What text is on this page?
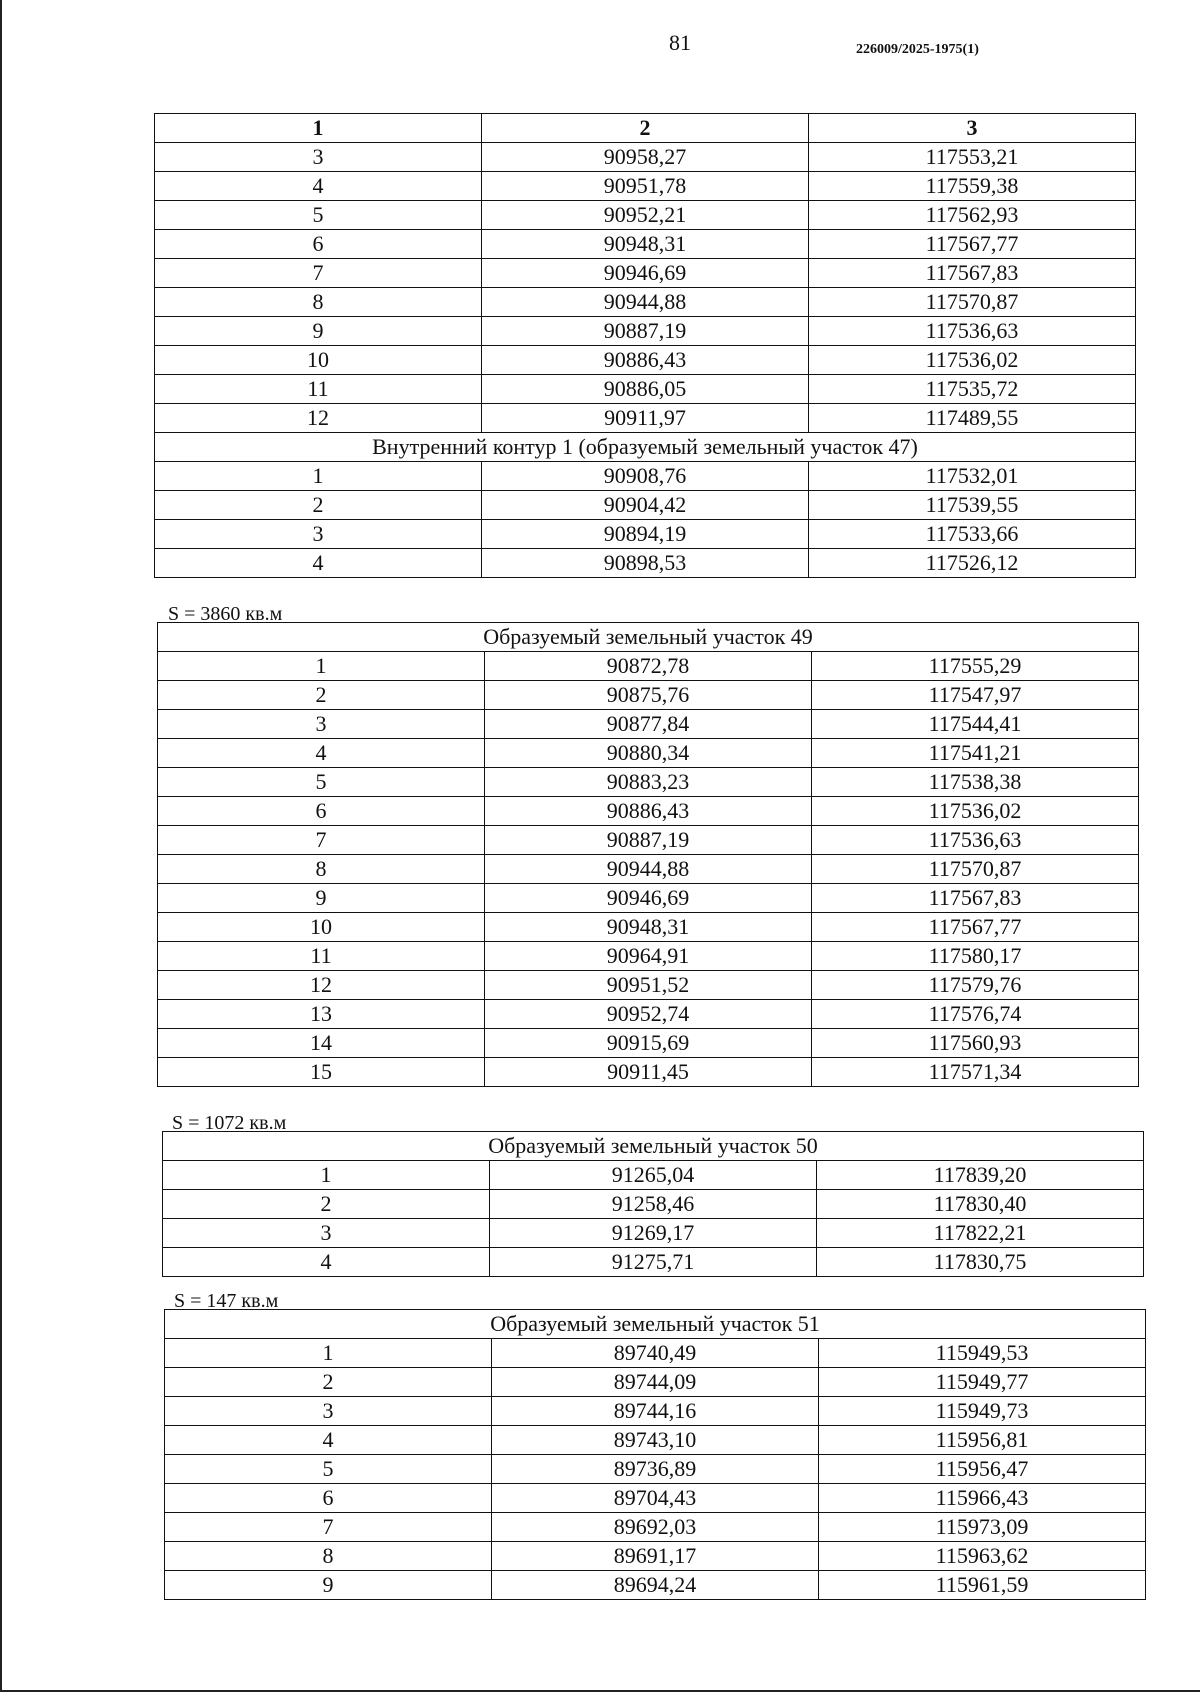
81	226009/2025-1975(1)
1	2	3
3	90958,27	117553,21
4	90951,78	117559,38
5	90952,21	117562,93
6	90948,31	117567,77
7	90946,69	117567,83
8	90944,88	117570,87
9	90887,19	117536,63
10	90886,43	117536,02
11	90886,05	117535,72
12	90911,97	117489,55
Внутренний контур 1 (образуемый земельный участок 47)		
1	90908,76	117532,01
2	90904,42	117539,55
3	90894,19	117533,66
4	90898,53	117526,12
S = 3860 кв.м
Образуемый земельный участок 49		
1	90872,78	117555,29
2	90875,76	117547,97
3	90877,84	117544,41
4	90880,34	117541,21
5	90883,23	117538,38
6	90886,43	117536,02
7	90887,19	117536,63
8	90944,88	117570,87
9	90946,69	117567,83
10	90948,31	117567,77
11	90964,91	117580,17
12	90951,52	117579,76
13	90952,74	117576,74
14	90915,69	117560,93
15	90911,45	117571,34
S = 1072 кв.м
Образуемый земельный участок 50		
1	91265,04	117839,20
2	91258,46	117830,40
3	91269,17	117822,21
4	91275,71	117830,75
S = 147 кв.м
Образуемый земельный участок 51		
1	89740,49	115949,53
2	89744,09	115949,77
3	89744,16	115949,73
4	89743,10	115956,81
5	89736,89	115956,47
6	89704,43	115966,43
7	89692,03	115973,09
8	89691,17	115963,62
9	89694,24	115961,59
